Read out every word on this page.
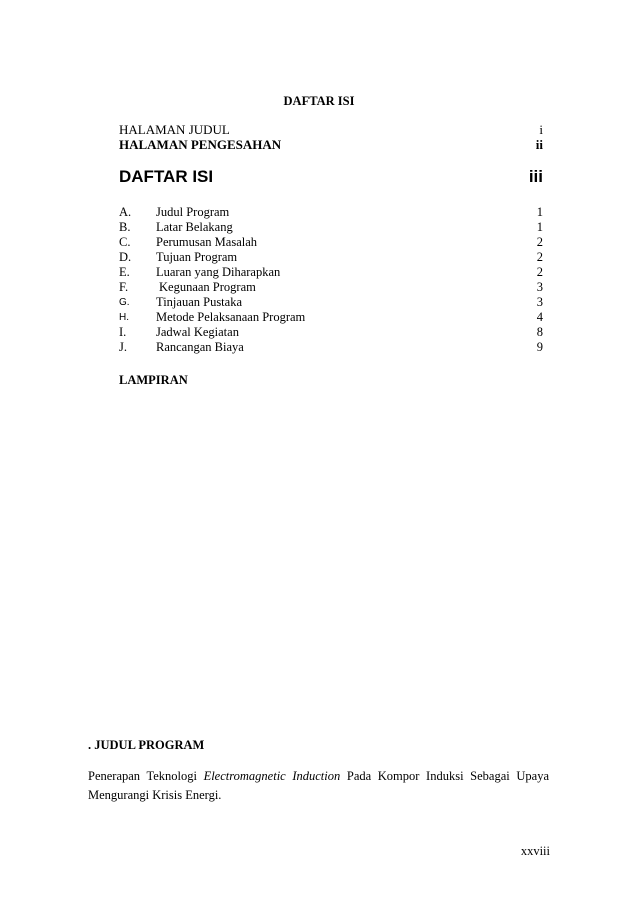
DAFTAR ISI
HALAMAN JUDUL	i
HALAMAN PENGESAHAN	ii
DAFTAR ISI	iii
A. Judul Program	1
B. Latar Belakang	1
C. Perumusan Masalah	2
D. Tujuan Program	2
E. Luaran yang Diharapkan	2
F. Kegunaan Program	3
G. Tinjauan Pustaka	3
H. Metode Pelaksanaan Program	4
I. Jadwal Kegiatan	8
J. Rancangan Biaya	9
LAMPIRAN
. JUDUL PROGRAM
Penerapan Teknologi Electromagnetic Induction Pada Kompor Induksi Sebagai Upaya
Mengurangi Krisis Energi.
xxviii
